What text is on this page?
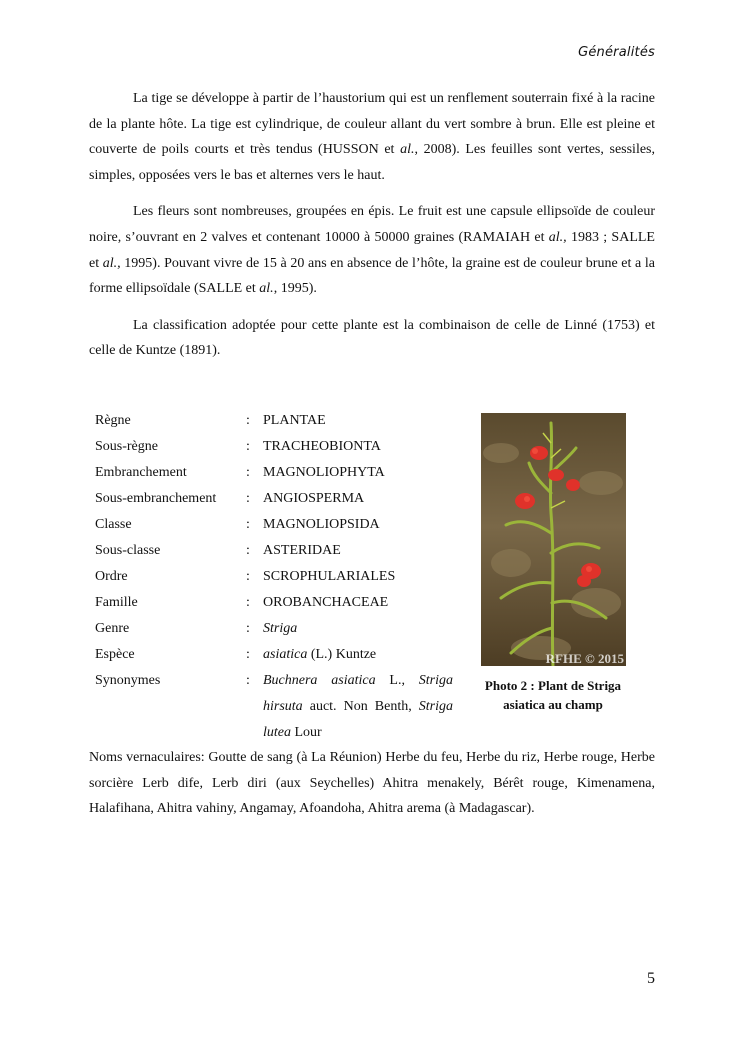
Généralités

La tige se développe à partir de l’haustorium qui est un renflement souterrain fixé à la racine de la plante hôte. La tige est cylindrique, de couleur allant du vert sombre à brun. Elle est pleine et couverte de poils courts et très tendus (HUSSON et al., 2008). Les feuilles sont vertes, sessiles, simples, opposées vers le bas et alternes vers le haut.

Les fleurs sont nombreuses, groupées en épis. Le fruit est une capsule ellipsoïde de couleur noire, s’ouvrant en 2 valves et contenant 10000 à 50000 graines (RAMAIAH et al., 1983 ; SALLE et al., 1995). Pouvant vivre de 15 à 20 ans en absence de l’hôte, la graine est de couleur brune et a la forme ellipsoïdale (SALLE et al., 1995).

La classification adoptée pour cette plante est la combinaison de celle de Linné (1753) et celle de Kuntze (1891).

Règne	: PLANTAE
Sous-règne	: TRACHEOBIONTA
Embranchement	: MAGNOLIOPHYTA
Sous-embranchement	: ANGIOSPERMA
Classe	: MAGNOLIOPSIDA
Sous-classe	: ASTERIDAE
Ordre	: SCROPHULARIALES
Famille	: OROBANCHACEAE
Genre	: Striga
Espèce	: asiatica (L.) Kuntze
Synonymes	: Buchnera asiatica L., Striga hirsuta auct. Non Benth, Striga lutea Lour
RFHE © 2015
Photo 2 : Plant de Striga asiatica au champ
Noms vernaculaires: Goutte de sang (à La Réunion) Herbe du feu, Herbe du riz, Herbe rouge, Herbe sorcière Lerb dife, Lerb diri (aux Seychelles) Ahitra menakely, Bérêt rouge, Kimenamena, Halafihana, Ahitra vahiny, Angamay, Afoandoha, Ahitra arema (à Madagascar).
5
